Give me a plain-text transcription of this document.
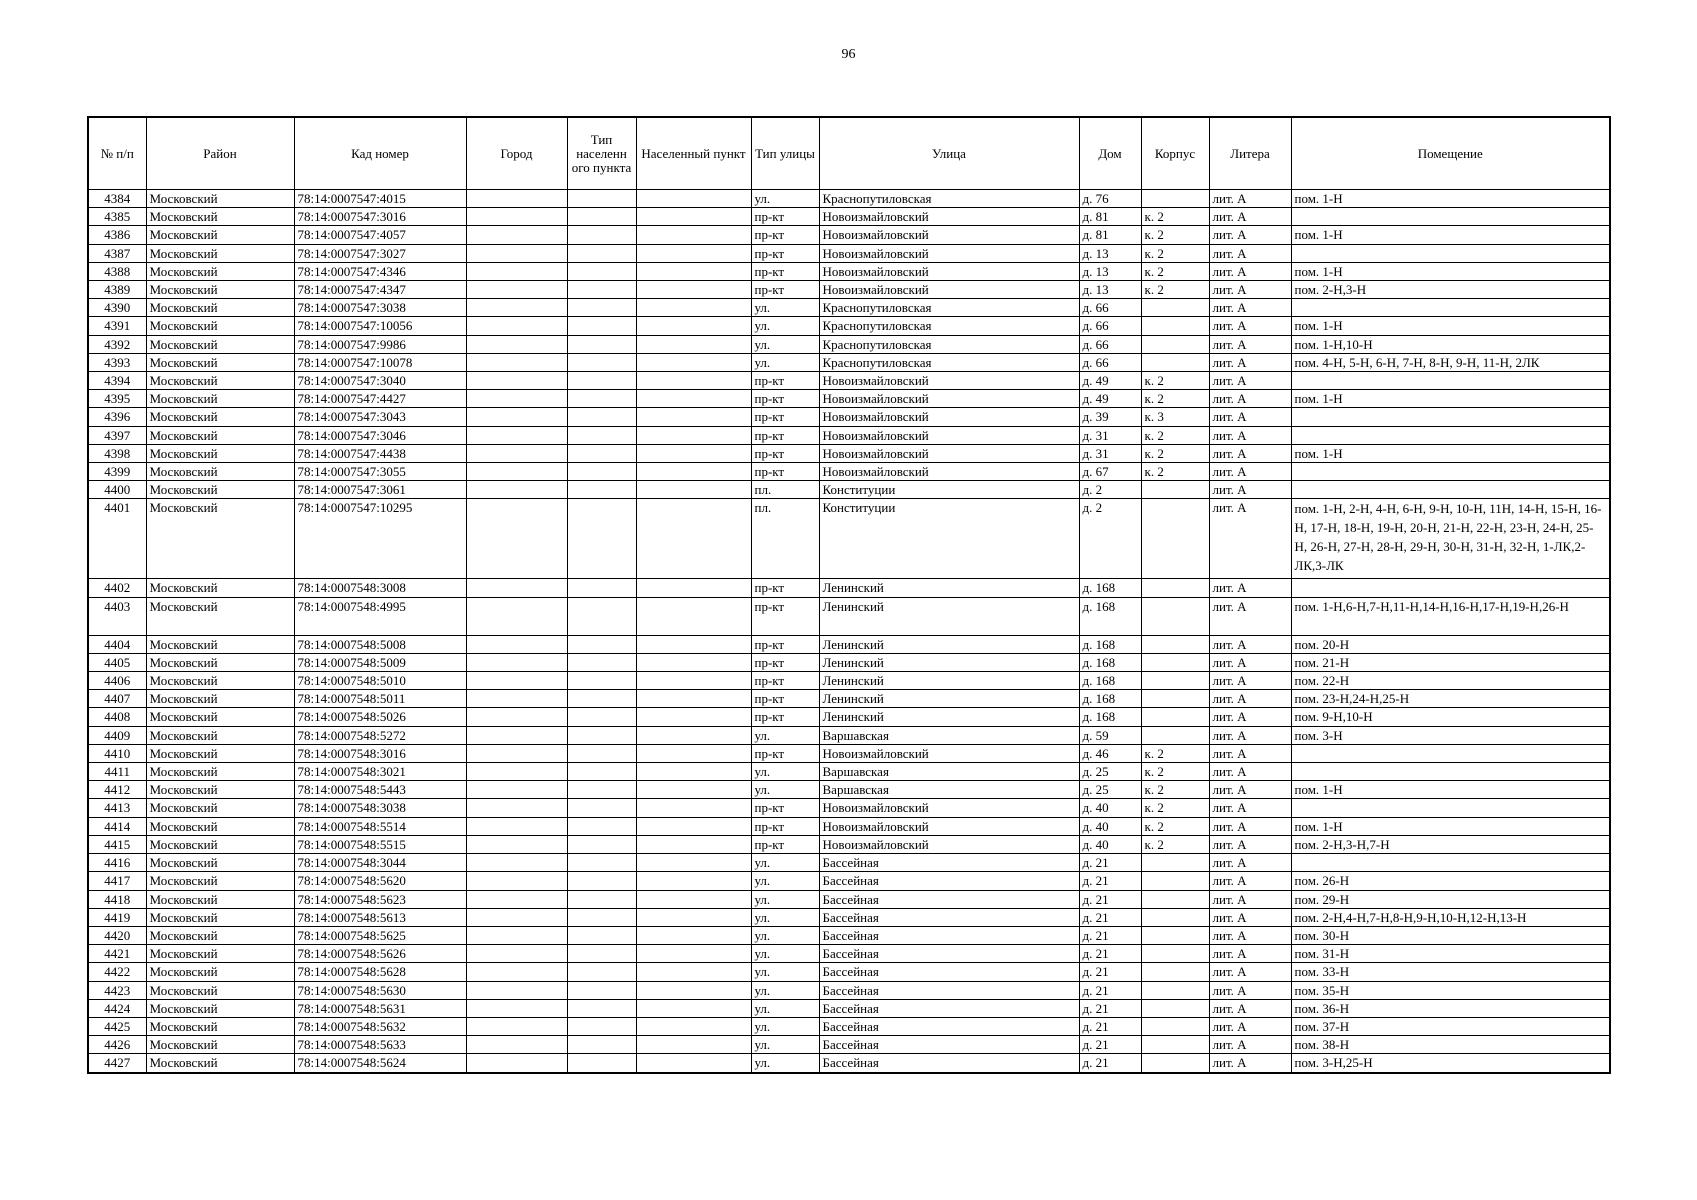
96
№ п/п	Район	Кад номер	Город	Тип населенн ого пункта	Населенный пункт	Тип улицы	Улица	Дом	Корпус	Литера	Помещение
4384	Московский	78:14:0007547:4015				ул.	Краснопутиловская	д. 76		лит. А	пом. 1-Н
4385	Московский	78:14:0007547:3016				пр-кт	Новоизмайловский	д. 81	к. 2	лит. А	
4386	Московский	78:14:0007547:4057				пр-кт	Новоизмайловский	д. 81	к. 2	лит. А	пом. 1-Н
4387	Московский	78:14:0007547:3027				пр-кт	Новоизмайловский	д. 13	к. 2	лит. А	
4388	Московский	78:14:0007547:4346				пр-кт	Новоизмайловский	д. 13	к. 2	лит. А	пом. 1-Н
4389	Московский	78:14:0007547:4347				пр-кт	Новоизмайловский	д. 13	к. 2	лит. А	пом. 2-Н,3-Н
4390	Московский	78:14:0007547:3038				ул.	Краснопутиловская	д. 66		лит. А	
4391	Московский	78:14:0007547:10056				ул.	Краснопутиловская	д. 66		лит. А	пом. 1-Н
4392	Московский	78:14:0007547:9986				ул.	Краснопутиловская	д. 66		лит. А	пом. 1-Н,10-Н
4393	Московский	78:14:0007547:10078				ул.	Краснопутиловская	д. 66		лит. А	пом. 4-Н, 5-Н, 6-Н, 7-Н, 8-Н, 9-Н, 11-Н, 2ЛК
4394	Московский	78:14:0007547:3040				пр-кт	Новоизмайловский	д. 49	к. 2	лит. А	
4395	Московский	78:14:0007547:4427				пр-кт	Новоизмайловский	д. 49	к. 2	лит. А	пом. 1-Н
4396	Московский	78:14:0007547:3043				пр-кт	Новоизмайловский	д. 39	к. 3	лит. А	
4397	Московский	78:14:0007547:3046				пр-кт	Новоизмайловский	д. 31	к. 2	лит. А	
4398	Московский	78:14:0007547:4438				пр-кт	Новоизмайловский	д. 31	к. 2	лит. А	пом. 1-Н
4399	Московский	78:14:0007547:3055				пр-кт	Новоизмайловский	д. 67	к. 2	лит. А	
4400	Московский	78:14:0007547:3061				пл.	Конституции	д. 2		лит. А	
4401	Московский	78:14:0007547:10295				пл.	Конституции	д. 2		лит. А	пом. 1-Н, 2-Н, 4-Н, 6-Н, 9-Н, 10-Н, 11Н, 14-Н, 15-Н, 16-Н, 17-Н, 18-Н, 19-Н, 20-Н, 21-Н, 22-Н, 23-Н, 24-Н, 25-Н, 26-Н, 27-Н, 28-Н, 29-Н, 30-Н, 31-Н, 32-Н, 1-ЛК,2-ЛК,3-ЛК
4402	Московский	78:14:0007548:3008				пр-кт	Ленинский	д. 168		лит. А	
4403	Московский	78:14:0007548:4995				пр-кт	Ленинский	д. 168		лит. А	пом. 1-Н,6-Н,7-Н,11-Н,14-Н,16-Н,17-Н,19-Н,26-Н
4404	Московский	78:14:0007548:5008				пр-кт	Ленинский	д. 168		лит. А	пом. 20-Н
4405	Московский	78:14:0007548:5009				пр-кт	Ленинский	д. 168		лит. А	пом. 21-Н
4406	Московский	78:14:0007548:5010				пр-кт	Ленинский	д. 168		лит. А	пом. 22-Н
4407	Московский	78:14:0007548:5011				пр-кт	Ленинский	д. 168		лит. А	пом. 23-Н,24-Н,25-Н
4408	Московский	78:14:0007548:5026				пр-кт	Ленинский	д. 168		лит. А	пом. 9-Н,10-Н
4409	Московский	78:14:0007548:5272				ул.	Варшавская	д. 59		лит. А	пом. 3-Н
4410	Московский	78:14:0007548:3016				пр-кт	Новоизмайловский	д. 46	к. 2	лит. А	
4411	Московский	78:14:0007548:3021				ул.	Варшавская	д. 25	к. 2	лит. А	
4412	Московский	78:14:0007548:5443				ул.	Варшавская	д. 25	к. 2	лит. А	пом. 1-Н
4413	Московский	78:14:0007548:3038				пр-кт	Новоизмайловский	д. 40	к. 2	лит. А	
4414	Московский	78:14:0007548:5514				пр-кт	Новоизмайловский	д. 40	к. 2	лит. А	пом. 1-Н
4415	Московский	78:14:0007548:5515				пр-кт	Новоизмайловский	д. 40	к. 2	лит. А	пом. 2-Н,3-Н,7-Н
4416	Московский	78:14:0007548:3044				ул.	Бассейная	д. 21		лит. А	
4417	Московский	78:14:0007548:5620				ул.	Бассейная	д. 21		лит. А	пом. 26-Н
4418	Московский	78:14:0007548:5623				ул.	Бассейная	д. 21		лит. А	пом. 29-Н
4419	Московский	78:14:0007548:5613				ул.	Бассейная	д. 21		лит. А	пом. 2-Н,4-Н,7-Н,8-Н,9-Н,10-Н,12-Н,13-Н
4420	Московский	78:14:0007548:5625				ул.	Бассейная	д. 21		лит. А	пом. 30-Н
4421	Московский	78:14:0007548:5626				ул.	Бассейная	д. 21		лит. А	пом. 31-Н
4422	Московский	78:14:0007548:5628				ул.	Бассейная	д. 21		лит. А	пом. 33-Н
4423	Московский	78:14:0007548:5630				ул.	Бассейная	д. 21		лит. А	пом. 35-Н
4424	Московский	78:14:0007548:5631				ул.	Бассейная	д. 21		лит. А	пом. 36-Н
4425	Московский	78:14:0007548:5632				ул.	Бассейная	д. 21		лит. А	пом. 37-Н
4426	Московский	78:14:0007548:5633				ул.	Бассейная	д. 21		лит. А	пом. 38-Н
4427	Московский	78:14:0007548:5624				ул.	Бассейная	д. 21		лит. А	пом. 3-Н,25-Н
